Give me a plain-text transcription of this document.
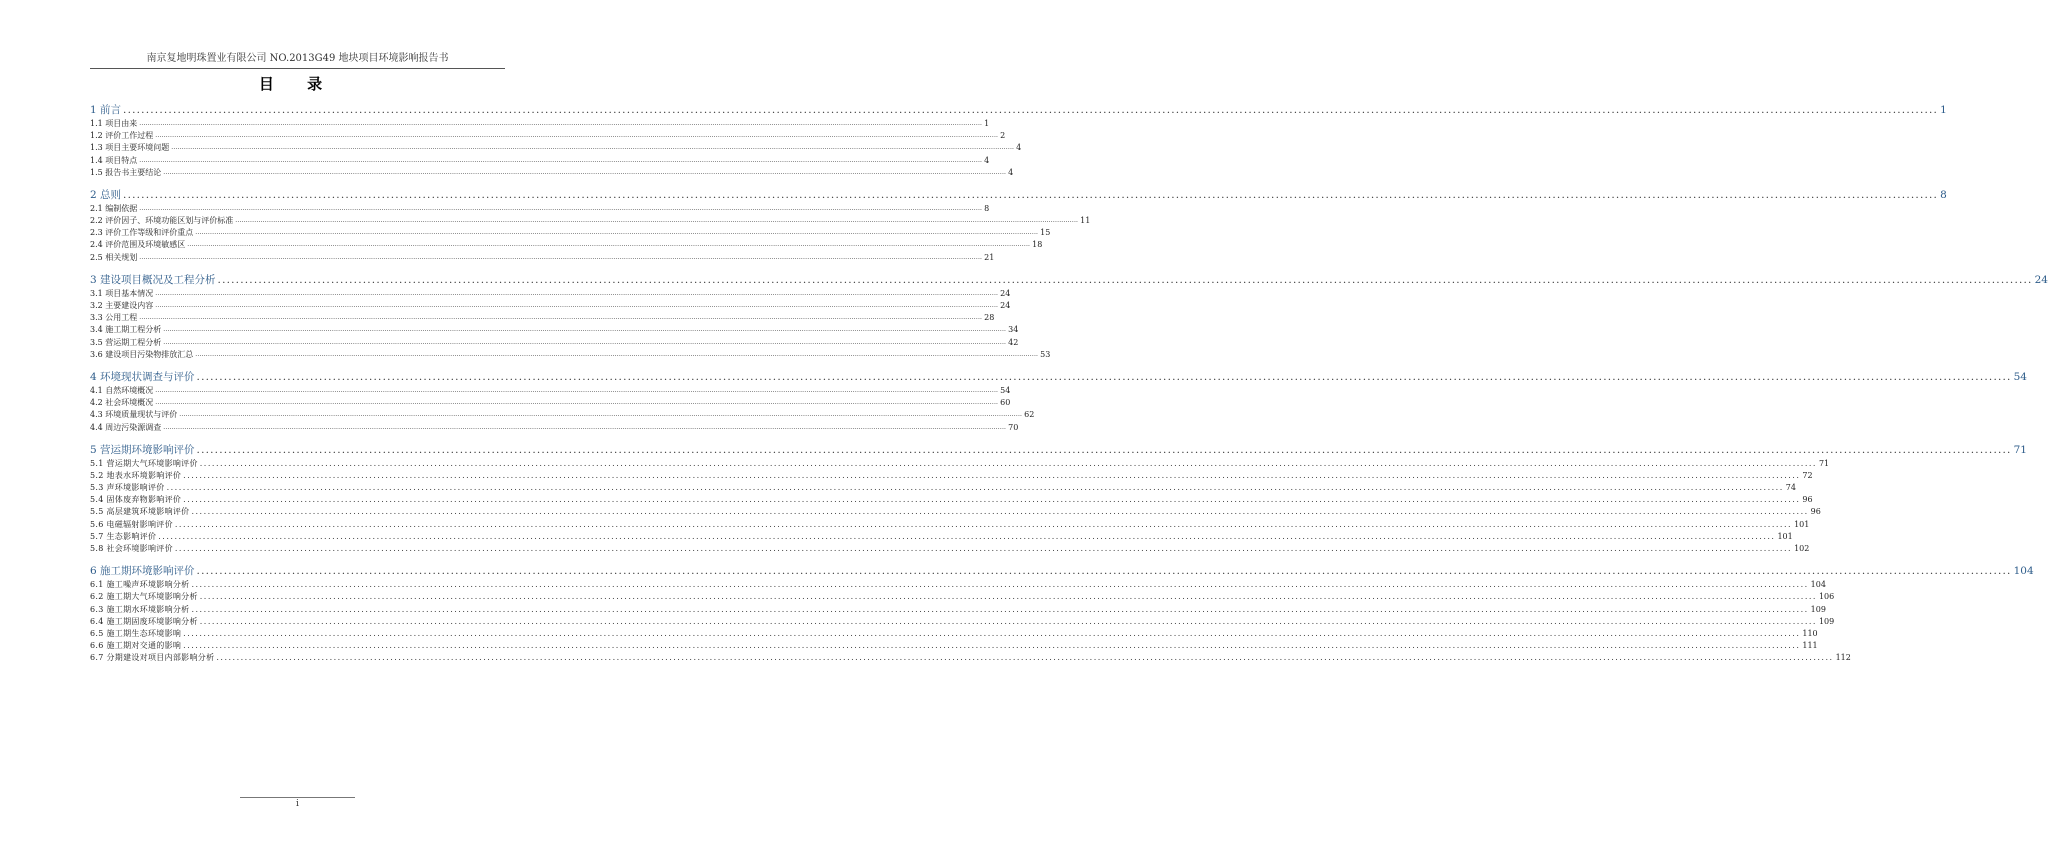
南京复地明珠置业有限公司 NO.2013G49 地块项目环境影响报告书
目 录
1 前言 ................................................................................................................................................................................................................................................................................................................................................................................................................ 1
1.1 项目由来 ................................................................................................................................................................................................................................................................................................................................................................................................................ 1
1.2 评价工作过程 ................................................................................................................................................................................................................................................................................................................................................................................................................ 2
1.3 项目主要环境问题 ................................................................................................................................................................................................................................................................................................................................................................................................................ 4
1.4 项目特点 ................................................................................................................................................................................................................................................................................................................................................................................................................ 4
1.5 报告书主要结论 ................................................................................................................................................................................................................................................................................................................................................................................................................ 4
2 总则 ................................................................................................................................................................................................................................................................................................................................................................................................................ 8
2.1 编制依据 ................................................................................................................................................................................................................................................................................................................................................................................................................ 8
2.2 评价因子、环境功能区划与评价标准 ................................................................................................................................................................................................................................................................................................................................................................................................................ 11
2.3 评价工作等级和评价重点 ................................................................................................................................................................................................................................................................................................................................................................................................................ 15
2.4 评价范围及环境敏感区 ................................................................................................................................................................................................................................................................................................................................................................................................................ 18
2.5 相关规划 ................................................................................................................................................................................................................................................................................................................................................................................................................ 21
3 建设项目概况及工程分析 ................................................................................................................................................................................................................................................................................................................................................................................................................ 24
3.1 项目基本情况 ................................................................................................................................................................................................................................................................................................................................................................................................................ 24
3.2 主要建设内容 ................................................................................................................................................................................................................................................................................................................................................................................................................ 24
3.3 公用工程 ................................................................................................................................................................................................................................................................................................................................................................................................................ 28
3.4 施工期工程分析 ................................................................................................................................................................................................................................................................................................................................................................................................................ 34
3.5 营运期工程分析 ................................................................................................................................................................................................................................................................................................................................................................................................................ 42
3.6 建设项目污染物排放汇总 ................................................................................................................................................................................................................................................................................................................................................................................................................ 53
4 环境现状调查与评价 ................................................................................................................................................................................................................................................................................................................................................................................................................ 54
4.1 自然环境概况 ................................................................................................................................................................................................................................................................................................................................................................................................................ 54
4.2 社会环境概况 ................................................................................................................................................................................................................................................................................................................................................................................................................ 60
4.3 环境质量现状与评价 ................................................................................................................................................................................................................................................................................................................................................................................................................ 62
4.4 周边污染源调查 ................................................................................................................................................................................................................................................................................................................................................................................................................ 70
5 营运期环境影响评价 ................................................................................................................................................................................................................................................................................................................................................................................................................ 71
5.1 营运期大气环境影响评价 ................................................................................................................................................................................................................................................................................................................................................................................................................ 71
5.2 地表水环境影响评价 ................................................................................................................................................................................................................................................................................................................................................................................................................ 72
5.3 声环境影响评价 ................................................................................................................................................................................................................................................................................................................................................................................................................ 74
5.4 固体废弃物影响评价 ................................................................................................................................................................................................................................................................................................................................................................................................................ 96
5.5 高层建筑环境影响评价 ................................................................................................................................................................................................................................................................................................................................................................................................................ 96
5.6 电磁辐射影响评价 ................................................................................................................................................................................................................................................................................................................................................................................................................ 101
5.7 生态影响评价 ................................................................................................................................................................................................................................................................................................................................................................................................................ 101
5.8 社会环境影响评价 ................................................................................................................................................................................................................................................................................................................................................................................................................ 102
6 施工期环境影响评价 ................................................................................................................................................................................................................................................................................................................................................................................................................ 104
6.1 施工噪声环境影响分析 ................................................................................................................................................................................................................................................................................................................................................................................................................ 104
6.2 施工期大气环境影响分析 ................................................................................................................................................................................................................................................................................................................................................................................................................ 106
6.3 施工期水环境影响分析 ................................................................................................................................................................................................................................................................................................................................................................................................................ 109
6.4 施工期固废环境影响分析 ................................................................................................................................................................................................................................................................................................................................................................................................................ 109
6.5 施工期生态环境影响 ................................................................................................................................................................................................................................................................................................................................................................................................................ 110
6.6 施工期对交通的影响 ................................................................................................................................................................................................................................................................................................................................................................................................................ 111
6.7 分期建设对项目内部影响分析 ................................................................................................................................................................................................................................................................................................................................................................................................................ 112
i
